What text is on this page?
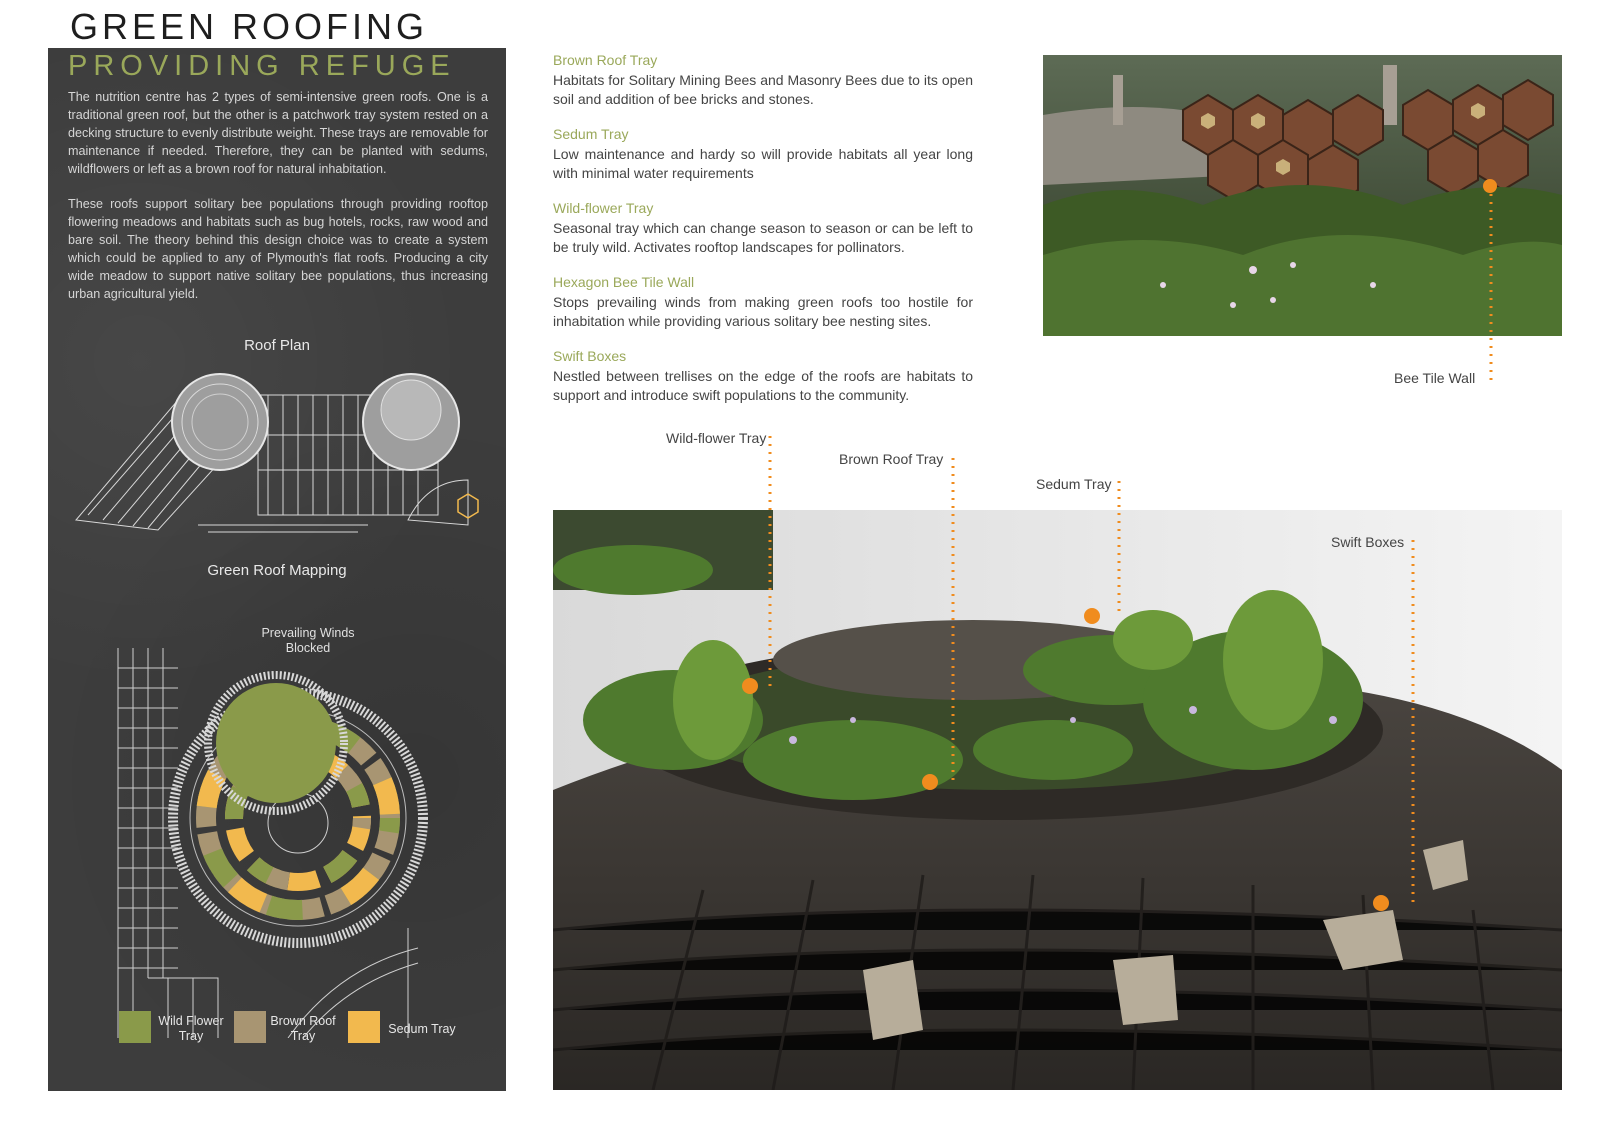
GREEN ROOFING
PROVIDING REFUGE

The nutrition centre has 2 types of semi-intensive green roofs. One is a traditional green roof, but the other is a patchwork tray system rested on a decking structure to evenly distribute weight. These trays are removable for maintenance if needed. Therefore, they can be planted with sedums, wildflowers or left as a brown roof for natural inhabitation.

These roofs support solitary bee populations through providing rooftop flowering meadows and habitats such as bug hotels, rocks, raw wood and bare soil. The theory behind this design choice was to create a system which could be applied to any of Plymouth's flat roofs. Producing a city wide meadow to support native solitary bee populations, thus increasing urban agricultural yield.

Roof Plan
Green Roof Mapping
Prevailing Winds Blocked
Wild Flower Tray
Brown Roof Tray	Sedum Tray

Brown Roof Tray

Habitats for Solitary Mining Bees and Masonry Bees due to its open soil and addition of bee bricks and stones.

Sedum Tray

Low maintenance and hardy so will provide habitats all year long with minimal water requirements

Wild-flower Tray

Seasonal tray which can change season to season or can be left to be truly wild. Activates rooftop landscapes for pollinators.

Hexagon Bee Tile Wall

Stops prevailing winds from making green roofs too hostile for inhabitation while providing various solitary bee nesting sites.

Swift Boxes

Nestled between trellises on the edge of the roofs are habitats to support and introduce swift populations to the community.

Bee Tile Wall
Wild-flower Tray
Brown Roof Tray
Sedum Tray
Swift Boxes
